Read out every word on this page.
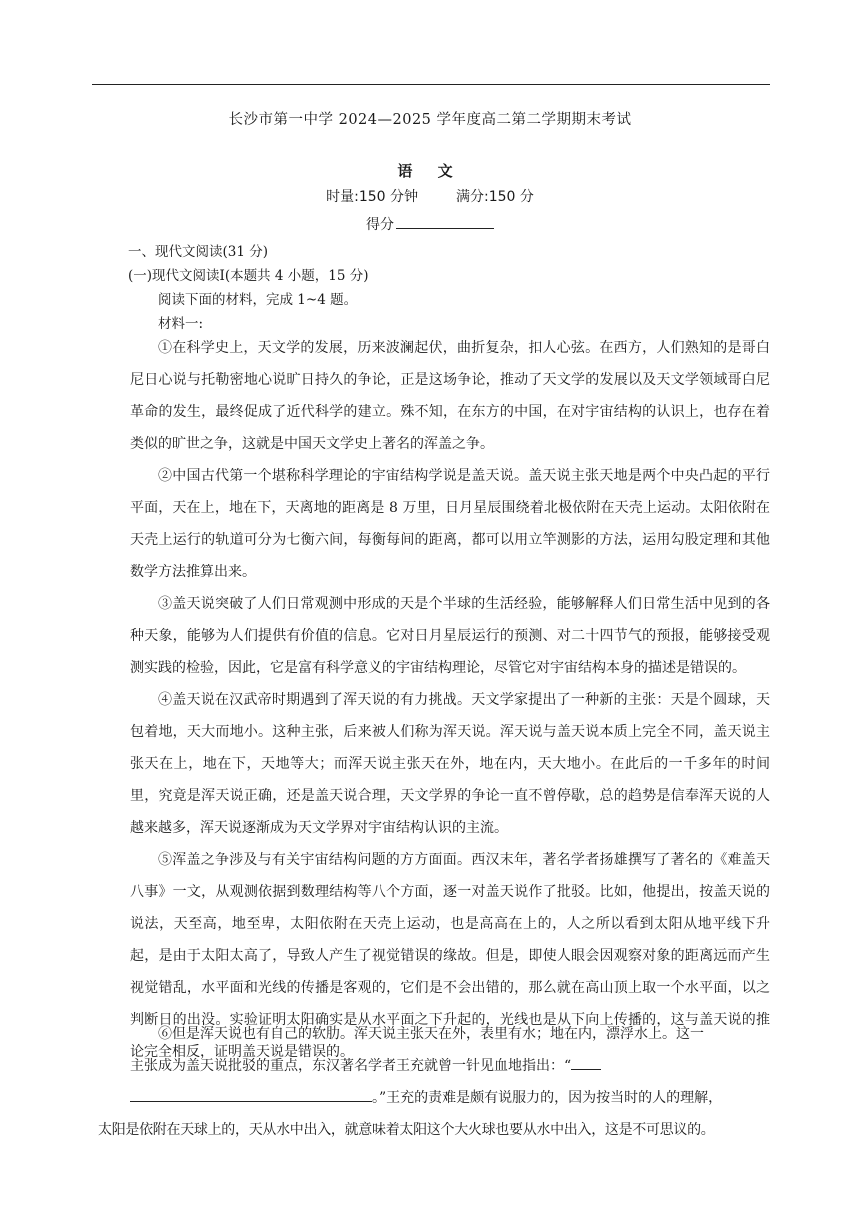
长沙市第一中学 2024—2025 学年度高二第二学期期末考试
语 文
时量:150 分钟	满分:150 分
得分
一、现代文阅读(31 分)
(一)现代文阅读Ⅰ(本题共 4 小题，15 分)
阅读下面的材料，完成 1~4 题。
材料一:

①在科学史上，天文学的发展，历来波澜起伏，曲折复杂，扣人心弦。在西方，人们熟知的是哥白尼日心说与托勒密地心说旷日持久的争论，正是这场争论，推动了天文学的发展以及天文学领域哥白尼革命的发生，最终促成了近代科学的建立。殊不知，在东方的中国，在对宇宙结构的认识上，也存在着类似的旷世之争，这就是中国天文学史上著名的浑盖之争。

②中国古代第一个堪称科学理论的宇宙结构学说是盖天说。盖天说主张天地是两个中央凸起的平行平面，天在上，地在下，天离地的距离是 8 万里，日月星辰围绕着北极依附在天壳上运动。太阳依附在天壳上运行的轨道可分为七衡六间，每衡每间的距离，都可以用立竿测影的方法，运用勾股定理和其他数学方法推算出来。

③盖天说突破了人们日常观测中形成的天是个半球的生活经验，能够解释人们日常生活中见到的各种天象，能够为人们提供有价值的信息。它对日月星辰运行的预测、对二十四节气的预报，能够接受观测实践的检验，因此，它是富有科学意义的宇宙结构理论，尽管它对宇宙结构本身的描述是错误的。

④盖天说在汉武帝时期遇到了浑天说的有力挑战。天文学家提出了一种新的主张：天是个圆球，天包着地，天大而地小。这种主张，后来被人们称为浑天说。浑天说与盖天说本质上完全不同，盖天说主张天在上，地在下，天地等大；而浑天说主张天在外，地在内，天大地小。在此后的一千多年的时间里，究竟是浑天说正确，还是盖天说合理，天文学界的争论一直不曾停歇，总的趋势是信奉浑天说的人越来越多，浑天说逐渐成为天文学界对宇宙结构认识的主流。

⑤浑盖之争涉及与有关宇宙结构问题的方方面面。西汉末年，著名学者扬雄撰写了著名的《难盖天八事》一文，从观测依据到数理结构等八个方面，逐一对盖天说作了批驳。比如，他提出，按盖天说的说法，天至高，地至卑，太阳依附在天壳上运动，也是高高在上的，人之所以看到太阳从地平线下升起，是由于太阳太高了，导致人产生了视觉错误的缘故。但是，即使人眼会因观察对象的距离远而产生视觉错乱，水平面和光线的传播是客观的，它们是不会出错的，那么就在高山顶上取一个水平面，以之判断日的出没。实验证明太阳确实是从水平面之下升起的，光线也是从下向上传播的，这与盖天说的推论完全相反，证明盖天说是错误的。

⑥但是浑天说也有自己的软肋。浑天说主张天在外，表里有水；地在内，漂浮水上。这一

主张成为盖天说批驳的重点，东汉著名学者王充就曾一针见血地指出：“

。”王充的责难是颇有说服力的，因为按当时的人的理解，

太阳是依附在天球上的，天从水中出入，就意味着太阳这个大火球也要从水中出入，这是不可思议的。
